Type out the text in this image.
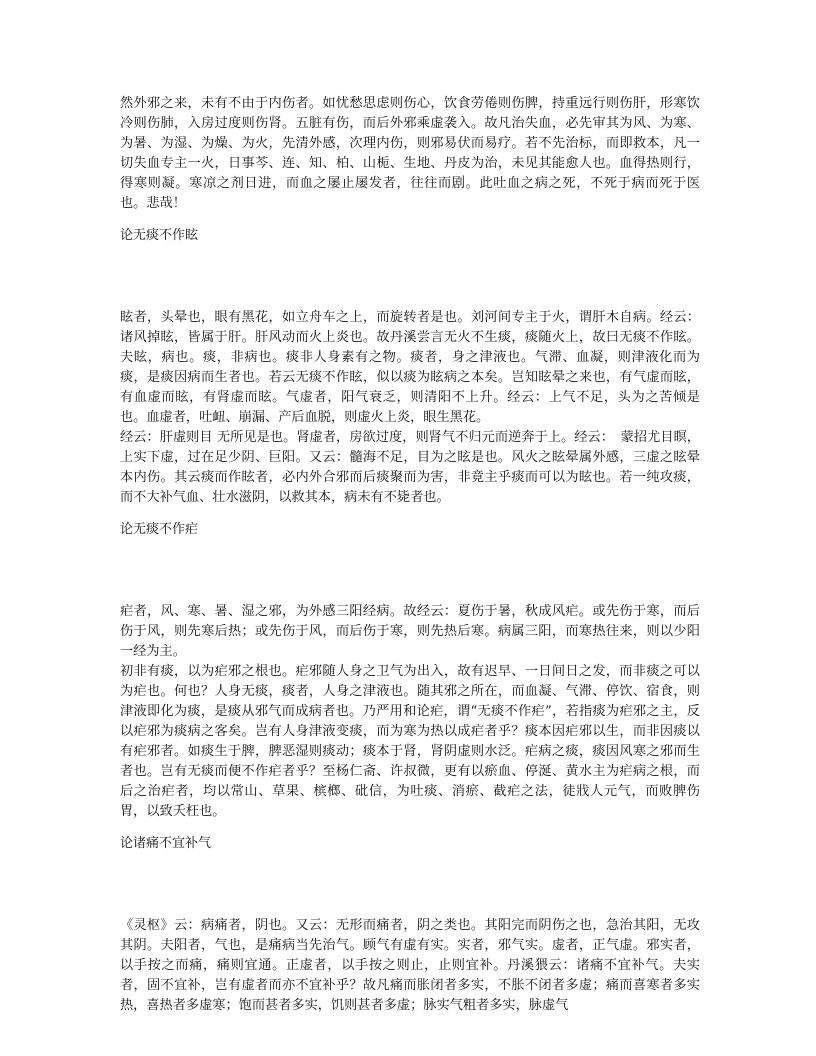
然外邪之来，未有不由于内伤者。如忧愁思虑则伤心，饮食劳倦则伤脾，持重远行则伤肝，形寒饮冷则伤肺，入房过度则伤肾。五脏有伤，而后外邪乘虚袭入。故凡治失血，必先审其为风、为寒、为暑、为湿、为燥、为火，先清外感，次理内伤，则邪易伏而易疗。若不先治标，而即救本，凡一切失血专主一火，日事芩、连、知、柏、山栀、生地、丹皮为治，未见其能愈人也。血得热则行，得寒则凝。寒凉之剂日进，而血之屡止屡发者，往往而剧。此吐血之病之死，不死于病而死于医也。悲哉！

论无痰不作眩

眩者，头晕也，眼有黑花，如立舟车之上，而旋转者是也。刘河间专主于火，谓肝木自病。经云：诸风掉眩，皆属于肝。肝风动而火上炎也。故丹溪尝言无火不生痰，痰随火上，故曰无痰不作眩。夫眩，病也。痰，非病也。痰非人身素有之物。痰者，身之津液也。气滞、血凝，则津液化而为痰，是痰因病而生者也。若云无痰不作眩，似以痰为眩病之本矣。岂知眩晕之来也，有气虚而眩，有血虚而眩，有肾虚而眩。气虚者，阳气衰乏，则清阳不上升。经云：上气不足，头为之苦倾是也。血虚者，吐衄、崩漏、产后血脱，则虚火上炎，眼生黑花。

经云：肝虚则目 无所见是也。肾虚者，房欲过度，则肾气不归元而逆奔于上。经云：　蒙招尤目瞑，上实下虚，过在足少阴、巨阳。又云：髓海不足，目为之眩是也。风火之眩晕属外感，三虚之眩晕本内伤。其云痰而作眩者，必内外合邪而后痰聚而为害，非竟主乎痰而可以为眩也。若一纯攻痰，而不大补气血、壮水滋阴，以救其本，病未有不毙者也。

论无痰不作疟

疟者，风、寒、暑、湿之邪，为外感三阳经病。故经云：夏伤于暑，秋成风疟。或先伤于寒，而后伤于风，则先寒后热；或先伤于风，而后伤于寒，则先热后寒。病属三阳，而寒热往来，则以少阳一经为主。

初非有痰，以为疟邪之根也。疟邪随人身之卫气为出入，故有迟早、一日间日之发，而非痰之可以为疟也。何也？人身无痰，痰者，人身之津液也。随其邪之所在，而血凝、气滞、停饮、宿食，则津液即化为痰，是痰从邪气而成病者也。乃严用和论疟，谓“无痰不作疟”，若指痰为疟邪之主，反以疟邪为痰病之客矣。岂有人身津液变痰，而为寒为热以成疟者乎？痰本因疟邪以生，而非因痰以有疟邪者。如痰生于脾，脾恶湿则痰动；痰本于肾，肾阴虚则水泛。疟病之痰，痰因风寒之邪而生者也。岂有无痰而便不作疟者乎？至杨仁斋、许叔微，更有以瘀血、停涎、黄水主为疟病之根，而后之治疟者，均以常山、草果、槟榔、砒信，为吐痰、消瘀、截疟之法，徒戕人元气，而败脾伤胃，以致夭枉也。

论诸痛不宜补气

《灵枢》云：病痛者，阴也。又云：无形而痛者，阴之类也。其阳完而阴伤之也，急治其阳，无攻其阴。夫阳者，气也，是痛病当先治气。顾气有虚有实。实者，邪气实。虚者，正气虚。邪实者，以手按之而痛，痛则宜通。正虚者，以手按之则止，止则宜补。丹溪猥云：诸痛不宜补气。夫实者，固不宜补，岂有虚者而亦不宜补乎？故凡痛而胀闭者多实，不胀不闭者多虚；痛而喜寒者多实热，喜热者多虚寒；饱而甚者多实，饥则甚者多虚；脉实气粗者多实，脉虚气
